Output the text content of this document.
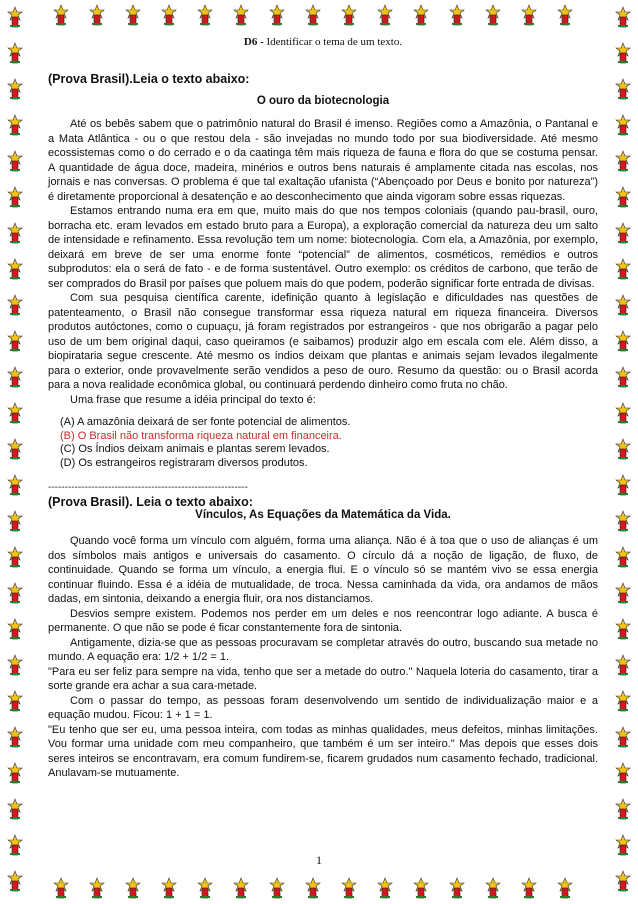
D6 - Identificar o tema de um texto.

(Prova Brasil).Leia o texto abaixo:

O ouro da biotecnologia

Até os bebês sabem que o patrimônio natural do Brasil é imenso. Regiões como a Amazônia, o Pantanal e a Mata Atlântica - ou o que restou dela - são invejadas no mundo todo por sua biodiversidade. Até mesmo ecossistemas como o do cerrado e o da caatinga têm mais riqueza de fauna e flora do que se costuma pensar. A quantidade de água doce, madeira, minérios e outros bens naturais é amplamente citada nas escolas, nos jornais e nas conversas. O problema é que tal exaltação ufanista (“Abençoado por Deus e bonito por natureza”) é diretamente proporcional à desatenção e ao desconhecimento que ainda vigoram sobre essas riquezas.

Estamos entrando numa era em que, muito mais do que nos tempos coloniais (quando pau-brasil, ouro, borracha etc. eram levados em estado bruto para a Europa), a exploração comercial da natureza deu um salto de intensidade e refinamento. Essa revolução tem um nome: biotecnologia. Com ela, a Amazônia, por exemplo, deixará em breve de ser uma enorme fonte “potencial” de alimentos, cosméticos, remédios e outros subprodutos: ela o será de fato - e de forma sustentável. Outro exemplo: os créditos de carbono, que terão de ser comprados do Brasil por países que poluem mais do que podem, poderão significar forte entrada de divisas.

Com sua pesquisa científica carente, idefinição quanto à legislação e dificuldades nas questões de patenteamento, o Brasil não consegue transformar essa riqueza natural em riqueza financeira. Diversos produtos autóctones, como o cupuaçu, já foram registrados por estrangeiros - que nos obrigarão a pagar pelo uso de um bem original daqui, caso queiramos (e saibamos) produzir algo em escala com ele. Além disso, a biopirataria segue crescente. Até mesmo os índios deixam que plantas e animais sejam levados ilegalmente para o exterior, onde provavelmente serão vendidos a peso de ouro. Resumo da questão: ou o Brasil acorda para a nova realidade econômica global, ou continuará perdendo dinheiro como fruta no chão.

Uma frase que resume a idéia principal do texto é:

(A) A amazônia deixará de ser fonte potencial de alimentos.

(B) O Brasil não transforma riqueza natural em financeira.

(C) Os Índios deixam animais e plantas serem levados.

(D) Os estrangeiros registraram diversos produtos.

------------------------------------------------------------

(Prova Brasil). Leia o texto abaixo:

Vínculos, As Equações da Matemática da Vida.

Quando você forma um vínculo com alguém, forma uma aliança. Não é à toa que o uso de alianças é um dos símbolos mais antigos e universais do casamento. O círculo dá a noção de ligação, de fluxo, de continuidade. Quando se forma um vínculo, a energia flui. E o vínculo só se mantém vivo se essa energia continuar fluindo. Essa é a idéia de mutualidade, de troca. Nessa caminhada da vida, ora andamos de mãos dadas, em sintonia, deixando a energia fluir, ora nos distanciamos.

Desvios sempre existem. Podemos nos perder em um deles e nos reencontrar logo adiante. A busca é permanente. O que não se pode é ficar constantemente fora de sintonia.

Antigamente, dizia-se que as pessoas procuravam se completar através do outro, buscando sua metade no mundo. A equação era: 1/2 + 1/2 = 1.

"Para eu ser feliz para sempre na vida, tenho que ser a metade do outro." Naquela loteria do casamento, tirar a sorte grande era achar a sua cara-metade.

Com o passar do tempo, as pessoas foram desenvolvendo um sentido de individualização maior e a equação mudou. Ficou: 1 + 1 = 1.

"Eu tenho que ser eu, uma pessoa inteira, com todas as minhas qualidades, meus defeitos, minhas limitações. Vou formar uma unidade com meu companheiro, que também é um ser inteiro." Mas depois que esses dois seres inteiros se encontravam, era comum fundirem-se, ficarem grudados num casamento fechado, tradicional. Anulavam-se mutuamente.

1
